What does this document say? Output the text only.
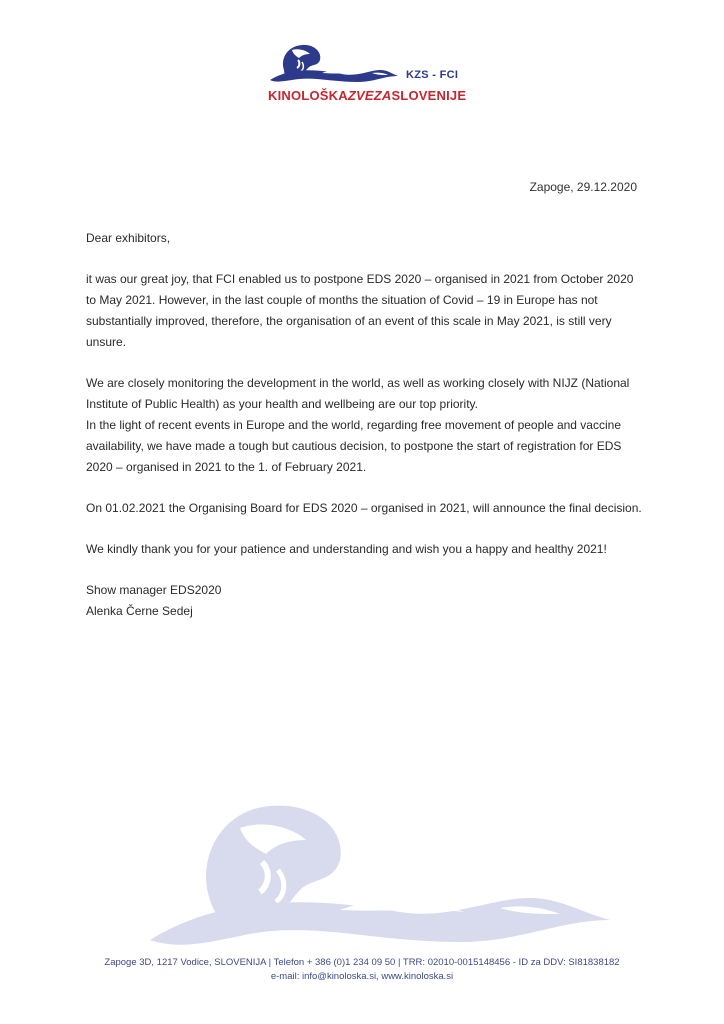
KZS - FCI
KINOLOŠKAZVEZASLOVENIJE
Zapoge, 29.12.2020

Dear exhibitors,

it was our great joy, that FCI enabled us to postpone EDS 2020 – organised in 2021 from October 2020 to May 2021. However, in the last couple of months the situation of Covid – 19 in Europe has not substantially improved, therefore, the organisation of an event of this scale in May 2021, is still very unsure.

We are closely monitoring the development in the world, as well as working closely with NIJZ (National Institute of Public Health) as your health and wellbeing are our top priority.

In the light of recent events in Europe and the world, regarding free movement of people and vaccine availability, we have made a tough but cautious decision, to postpone the start of registration for EDS 2020 – organised in 2021 to the 1. of February 2021.

On 01.02.2021 the Organising Board for EDS 2020 – organised in 2021, will announce the final decision.

We kindly thank you for your patience and understanding and wish you a happy and healthy 2021!

Show manager EDS2020

Alenka Černe Sedej

Zapoge 3D, 1217 Vodice, SLOVENIJA | Telefon + 386 (0)1 234 09 50 | TRR: 02010-0015148456 - ID za DDV: SI81838182
e-mail: info@kinoloska.si, www.kinoloska.si
